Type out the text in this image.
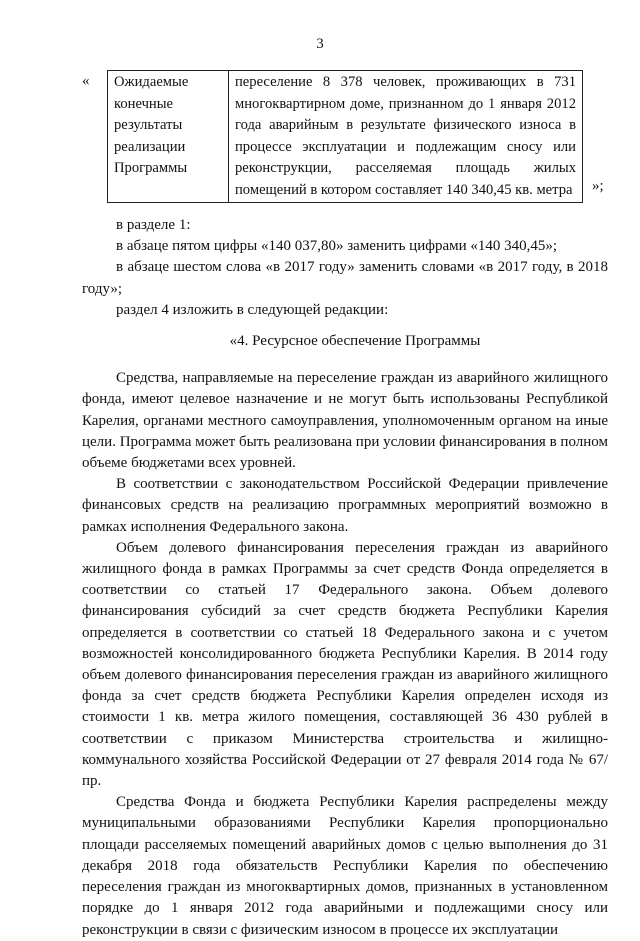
3
« Ожидаемые конечные результаты реализации Программы	переселение 8 378 человек, проживающих в 731 многоквартирном доме, признанном до 1 января 2012 года аварийным в результате физического износа в процессе эксплуатации и подлежащим сносу или реконструкции, расселяемая площадь жилых помещений в котором составляет 140 340,45 кв. метра »;

в разделе 1:

в абзаце пятом цифры «140 037,80» заменить цифрами «140 340,45»;

в абзаце шестом слова «в 2017 году» заменить словами «в 2017 году, в 2018 году»;

раздел 4 изложить в следующей редакции:

«4. Ресурсное обеспечение Программы

Средства, направляемые на переселение граждан из аварийного жилищного фонда, имеют целевое назначение и не могут быть использованы Республикой Карелия, органами местного самоуправления, уполномоченным органом на иные цели. Программа может быть реализована при условии финансирования в полном объеме бюджетами всех уровней.

В соответствии с законодательством Российской Федерации привлечение финансовых средств на реализацию программных мероприятий возможно в рамках исполнения Федерального закона.

Объем долевого финансирования переселения граждан из аварийного жилищного фонда в рамках Программы за счет средств Фонда определяется в соответствии со статьей 17 Федерального закона. Объем долевого финансирования субсидий за счет средств бюджета Республики Карелия определяется в соответствии со статьей 18 Федерального закона и с учетом возможностей консолидированного бюджета Республики Карелия. В 2014 году объем долевого финансирования переселения граждан из аварийного жилищного фонда за счет средств бюджета Республики Карелия определен исходя из стоимости 1 кв. метра жилого помещения, составляющей 36 430 рублей в соответствии с приказом Министерства строительства и жилищно-коммунального хозяйства Российской Федерации от 27 февраля 2014 года № 67/пр.

Средства Фонда и бюджета Республики Карелия распределены между муниципальными образованиями Республики Карелия пропорционально площади расселяемых помещений аварийных домов с целью выполнения до 31 декабря 2018 года обязательств Республики Карелия по обеспечению переселения граждан из многоквартирных домов, признанных в установленном порядке до 1 января 2012 года аварийными и подлежащими сносу или реконструкции в связи с физическим износом в процессе их эксплуатации
